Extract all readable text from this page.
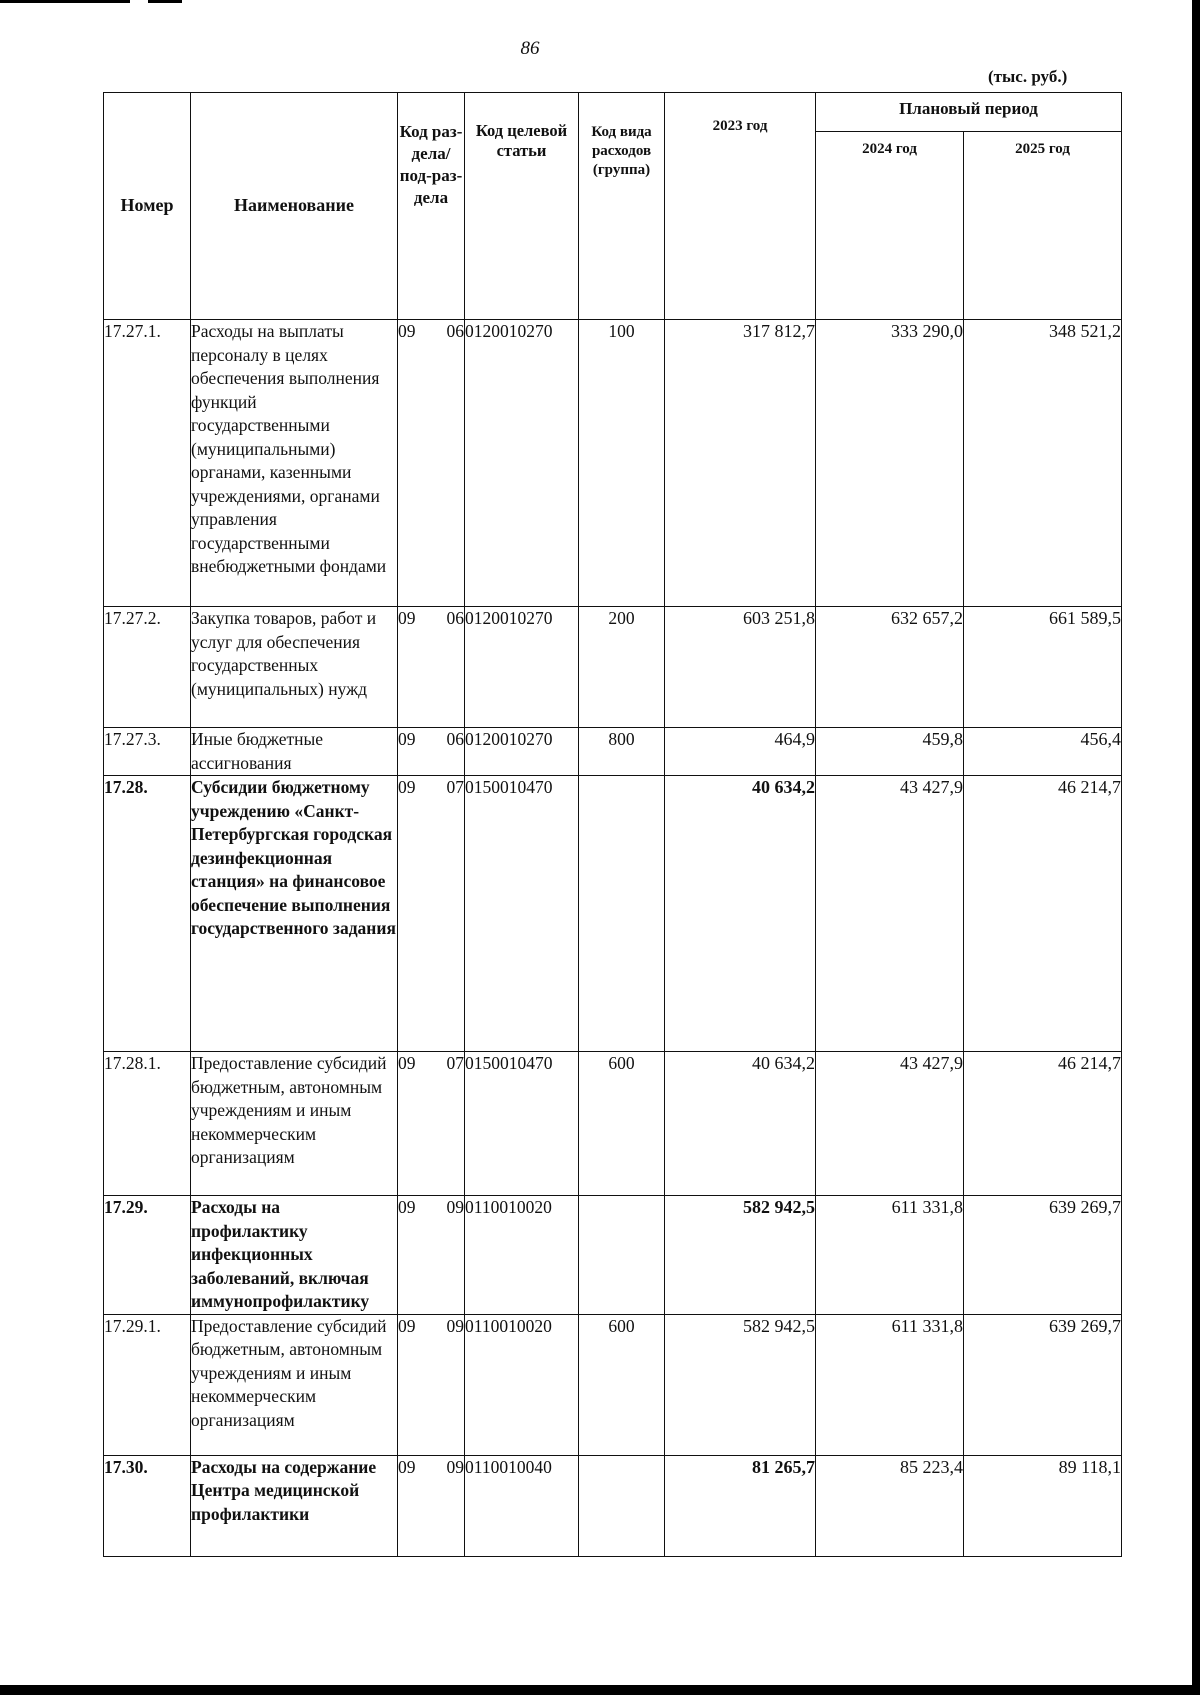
86
(тыс. руб.)
Номер	Наименование	Код раз-дела/ под-раз-дела	Код целевой статьи	Код вида расходов (группа)	2023 год	Плановый период	
						2024 год	2025 год
17.27.1.	Расходы на выплаты персоналу в целях обеспечения выполнения функций государственными (муниципальными) органами, казенными учреждениями, органами управления государственными внебюджетными фондами	09 06	0120010270	100	317 812,7	333 290,0	348 521,2
17.27.2.	Закупка товаров, работ и услуг для обеспечения государственных (муниципальных) нужд	09 06	0120010270	200	603 251,8	632 657,2	661 589,5
17.27.3.	Иные бюджетные ассигнования	09 06	0120010270	800	464,9	459,8	456,4
17.28.	Субсидии бюджетному учреждению «Санкт-Петербургская городская дезинфекционная станция» на финансовое обеспечение выполнения государственного задания	09 07	0150010470		40 634,2	43 427,9	46 214,7
17.28.1.	Предоставление субсидий бюджетным, автономным учреждениям и иным некоммерческим организациям	09 07	0150010470	600	40 634,2	43 427,9	46 214,7
17.29.	Расходы на профилактику инфекционных заболеваний, включая иммунопрофилактику	09 09	0110010020		582 942,5	611 331,8	639 269,7
17.29.1.	Предоставление субсидий бюджетным, автономным учреждениям и иным некоммерческим организациям	09 09	0110010020	600	582 942,5	611 331,8	639 269,7
17.30.	Расходы на содержание Центра медицинской профилактики	09 09	0110010040		81 265,7	85 223,4	89 118,1
